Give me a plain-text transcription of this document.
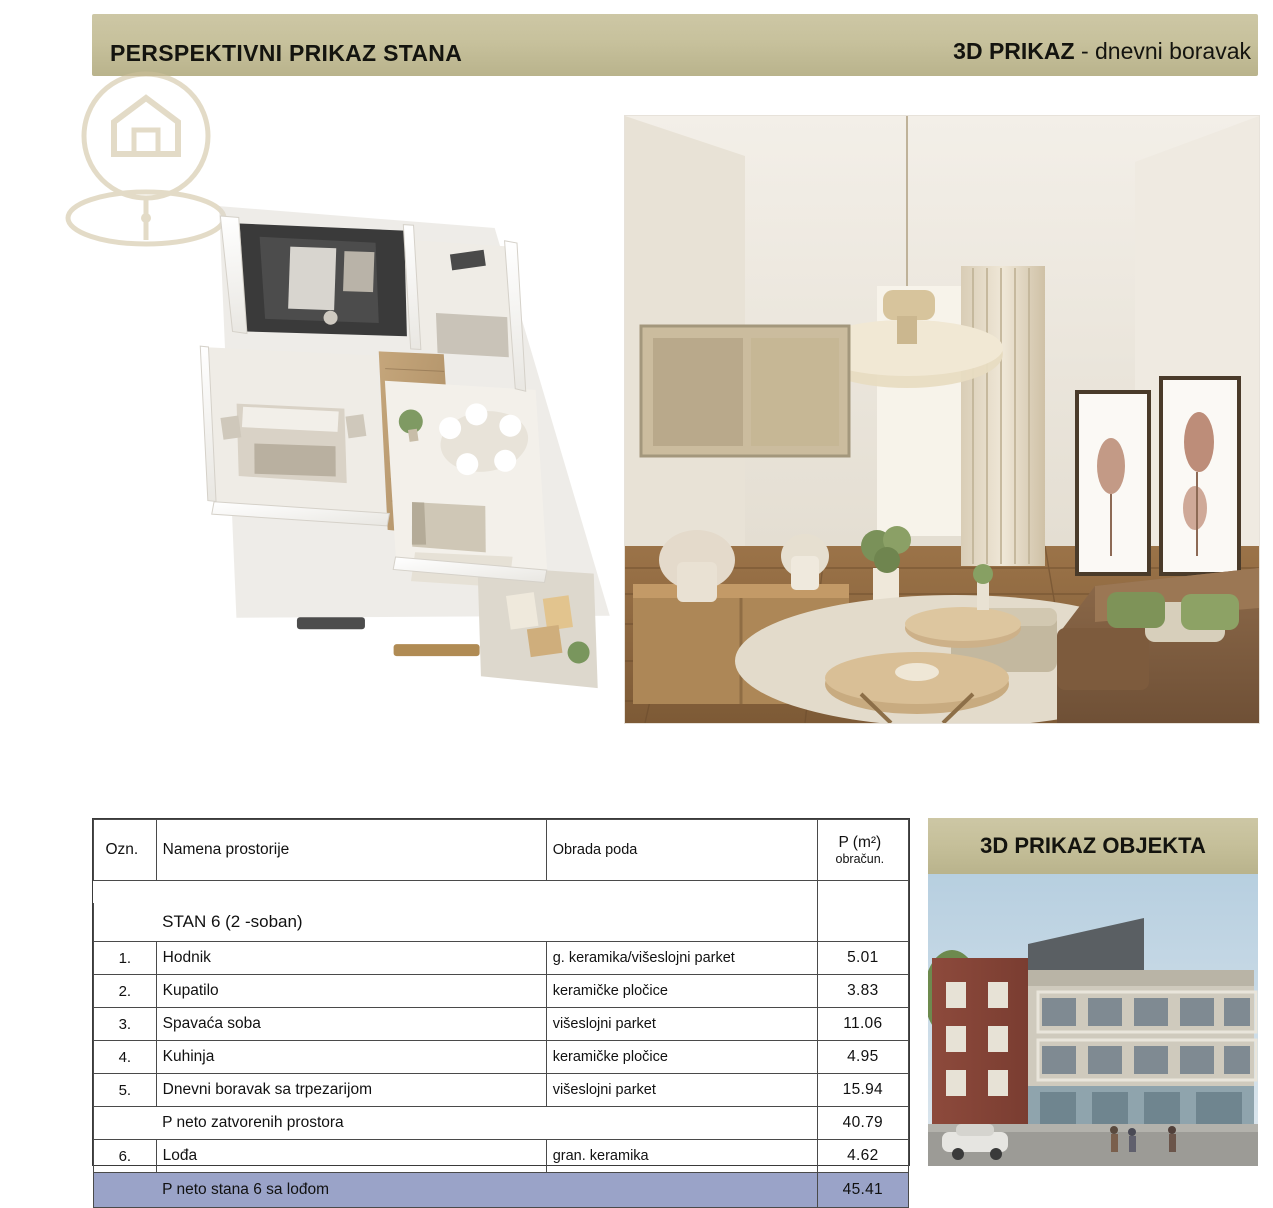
PERSPEKTIVNI PRIKAZ STANA	3D PRIKAZ - dnevni boravak
Ozn.	Namena prostorije	Obrada poda	P (m²)
obračun.

	STAN 6 (2 -soban)		
1.	Hodnik	g. keramika/višeslojni parket	5.01
2.	Kupatilo	keramičke pločice	3.83
3.	Spavaća soba	višeslojni parket	11.06
4.	Kuhinja	keramičke pločice	4.95
5.	Dnevni boravak sa trpezarijom	višeslojni parket	15.94
	P neto zatvorenih prostora		40.79
6.	Lođa	gran. keramika	4.62
	P neto stana 6 sa lođom		45.41
3D PRIKAZ OBJEKTA
